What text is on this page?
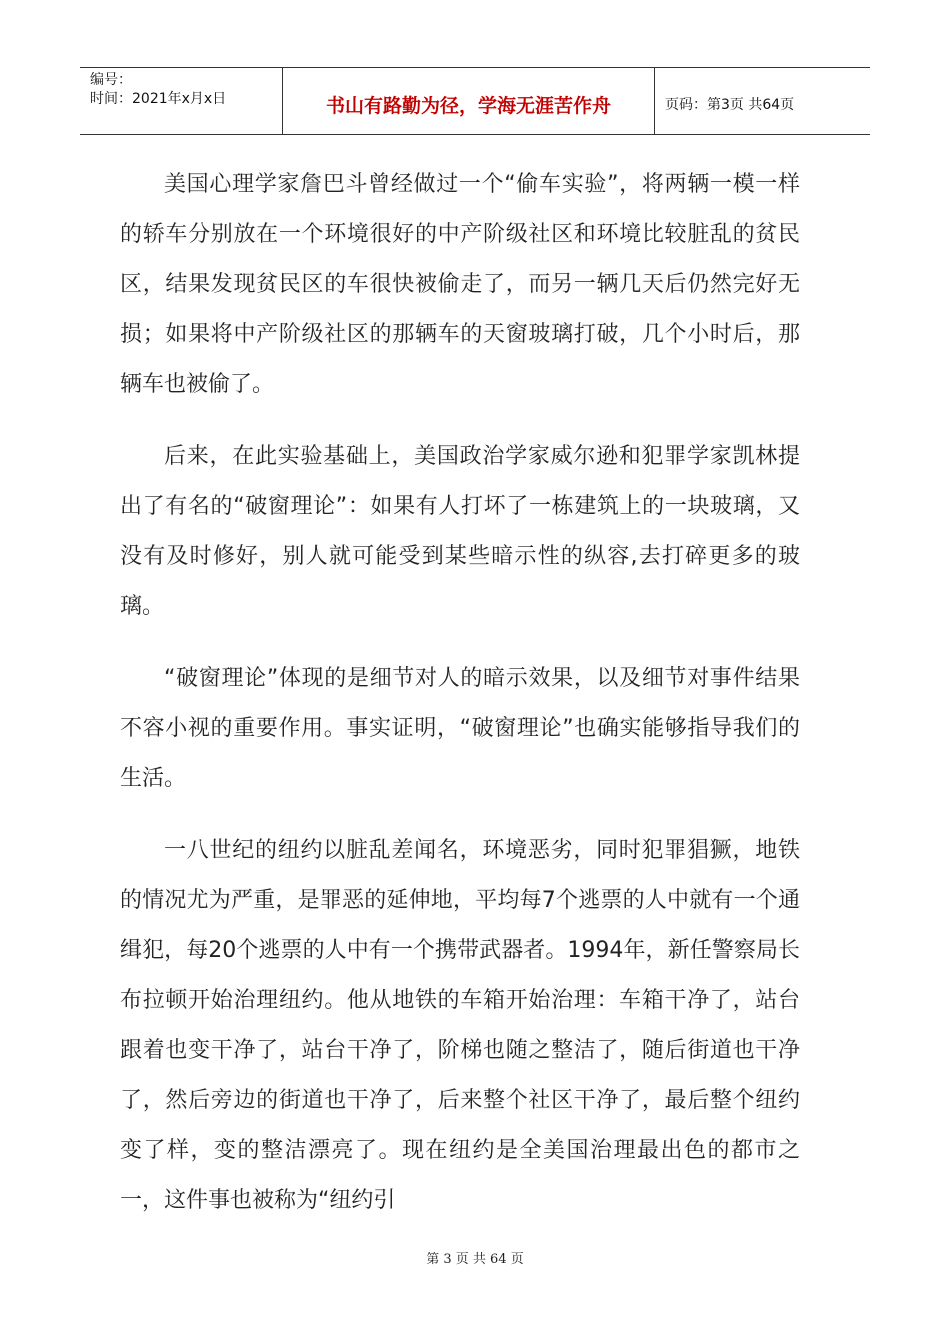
编号：
时间：2021年x月x日	书山有路勤为径，学海无涯苦作舟	页码：第3页 共64页

美国心理学家詹巴斗曾经做过一个“偷车实验”，将两辆一模一样的轿车分别放在一个环境很好的中产阶级社区和环境比较脏乱的贫民区，结果发现贫民区的车很快被偷走了，而另一辆几天后仍然完好无损；如果将中产阶级社区的那辆车的天窗玻璃打破，几个小时后，那辆车也被偷了。

后来，在此实验基础上，美国政治学家威尔逊和犯罪学家凯林提出了有名的“破窗理论”：如果有人打坏了一栋建筑上的一块玻璃，又没有及时修好，别人就可能受到某些暗示性的纵容,去打碎更多的玻璃。

“破窗理论”体现的是细节对人的暗示效果，以及细节对事件结果不容小视的重要作用。事实证明，“破窗理论”也确实能够指导我们的生活。

一八世纪的纽约以脏乱差闻名，环境恶劣，同时犯罪猖獗，地铁的情况尤为严重，是罪恶的延伸地，平均每7个逃票的人中就有一个通缉犯，每20个逃票的人中有一个携带武器者。1994年，新任警察局长布拉顿开始治理纽约。他从地铁的车箱开始治理：车箱干净了，站台跟着也变干净了，站台干净了，阶梯也随之整洁了，随后街道也干净了，然后旁边的街道也干净了，后来整个社区干净了，最后整个纽约变了样，变的整洁漂亮了。现在纽约是全美国治理最出色的都市之一，这件事也被称为“纽约引

第 3 页 共 64 页
